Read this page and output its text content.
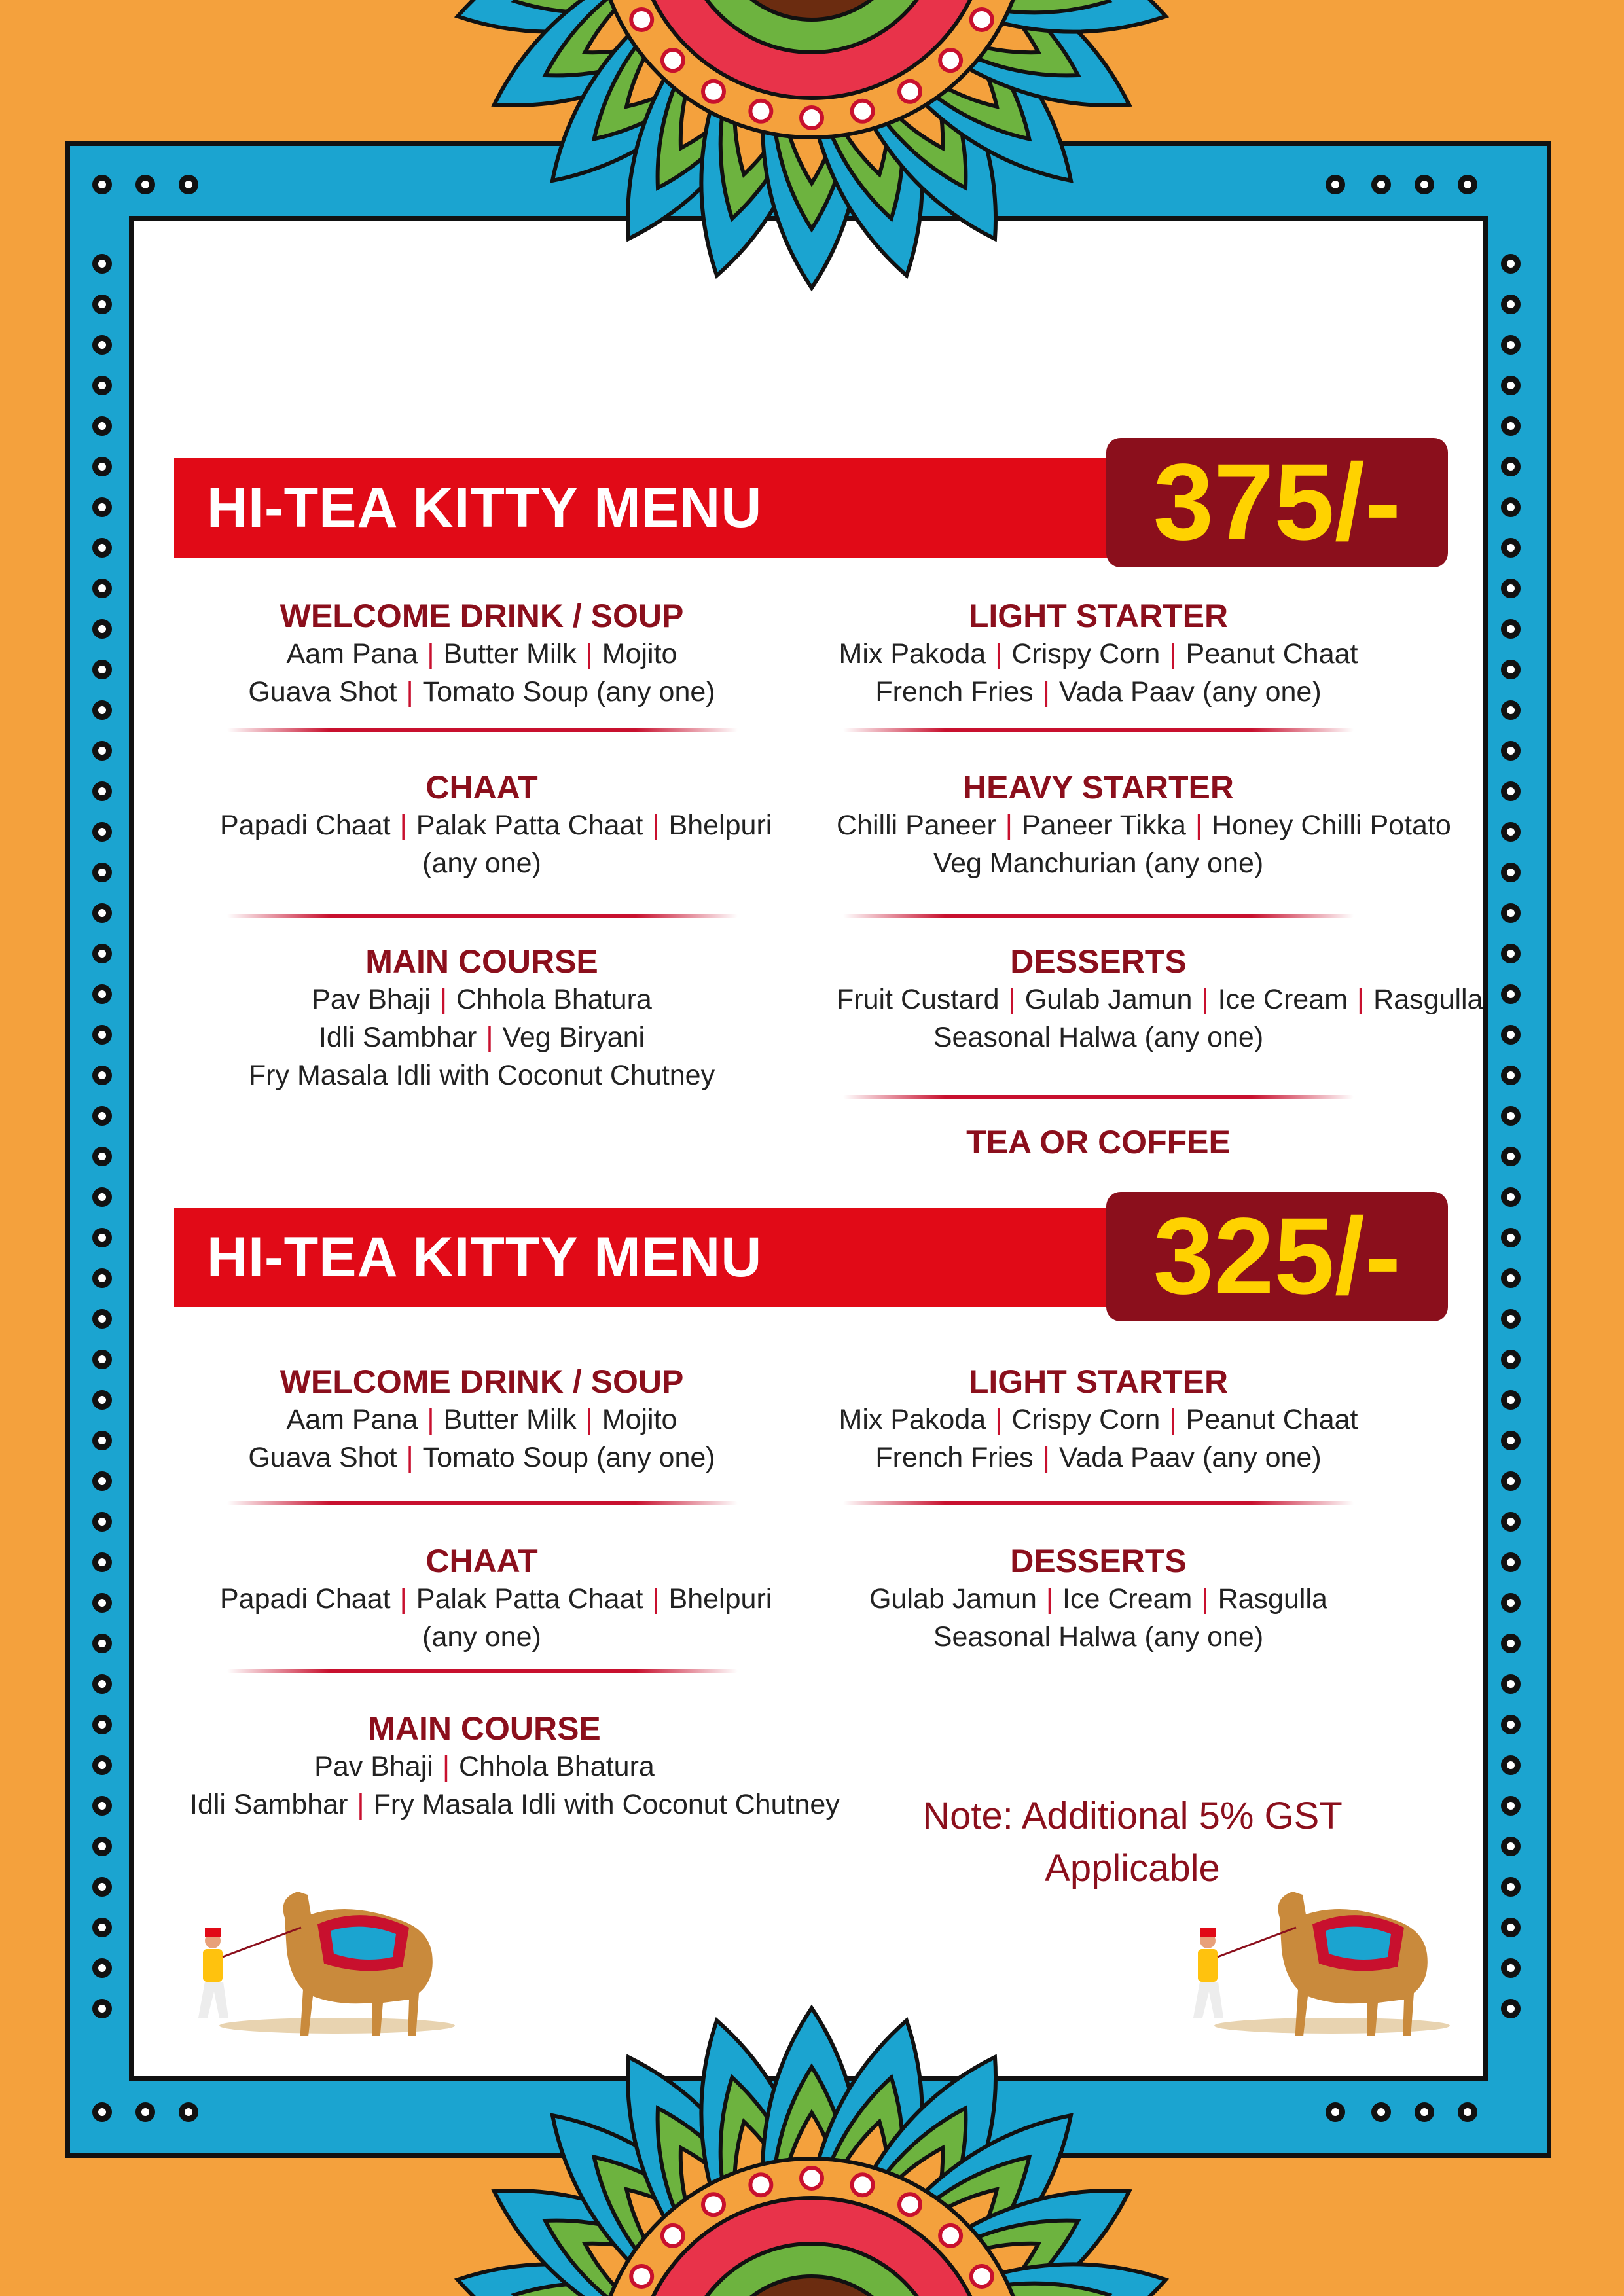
HI-TEA KITTY MENU	375/-
HI-TEA KITTY MENU	325/-
WELCOME DRINK / SOUP
Aam Pana | Butter Milk | Mojito
Guava Shot | Tomato Soup (any one)
LIGHT STARTER
Mix Pakoda | Crispy Corn | Peanut Chaat
French Fries | Vada Paav (any one)
CHAAT
Papadi Chaat | Palak Patta Chaat | Bhelpuri
(any one)
HEAVY STARTER
Chilli Paneer | Paneer Tikka | Honey Chilli Potato
Veg Manchurian (any one)
MAIN COURSE
Pav Bhaji | Chhola Bhatura
Idli Sambhar | Veg Biryani
Fry Masala Idli with Coconut Chutney
DESSERTS
Fruit Custard | Gulab Jamun | Ice Cream | Rasgulla
Seasonal Halwa (any one)
TEA OR COFFEE
WELCOME DRINK / SOUP
Aam Pana | Butter Milk | Mojito
Guava Shot | Tomato Soup (any one)
LIGHT STARTER
Mix Pakoda | Crispy Corn | Peanut Chaat
French Fries | Vada Paav (any one)
CHAAT
Papadi Chaat | Palak Patta Chaat | Bhelpuri
(any one)
DESSERTS
Gulab Jamun | Ice Cream | Rasgulla
Seasonal Halwa (any one)
MAIN COURSE
Pav Bhaji | Chhola Bhatura
Idli Sambhar | Fry Masala Idli with Coconut Chutney	Note: Additional 5% GST Applicable
